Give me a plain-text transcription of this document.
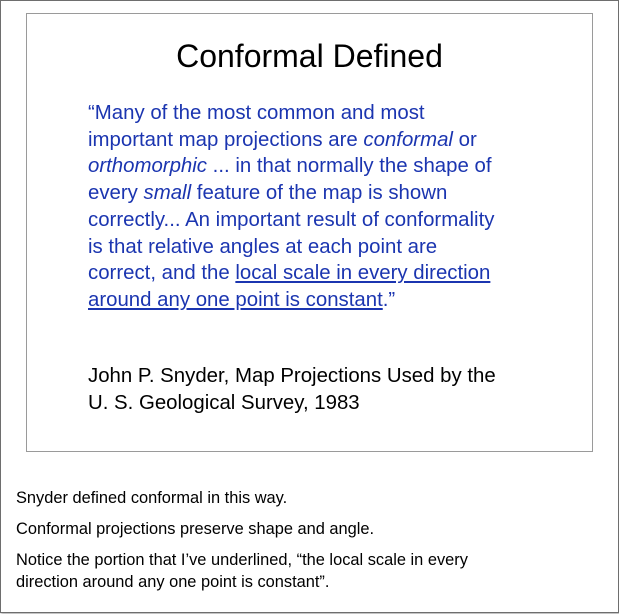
Conformal Defined

“Many of the most common and most
important map projections are conformal or
orthomorphic ... in that normally the shape of
every small feature of the map is shown
correctly... An important result of conformality
is that relative angles at each point are
correct, and the local scale in every direction
around any one point is constant.”

John P. Snyder, Map Projections Used by the
U. S. Geological Survey, 1983

Snyder defined conformal in this way.
Conformal projections preserve shape and angle.
Notice the portion that I’ve underlined, “the local scale in every
direction around any one point is constant”.
